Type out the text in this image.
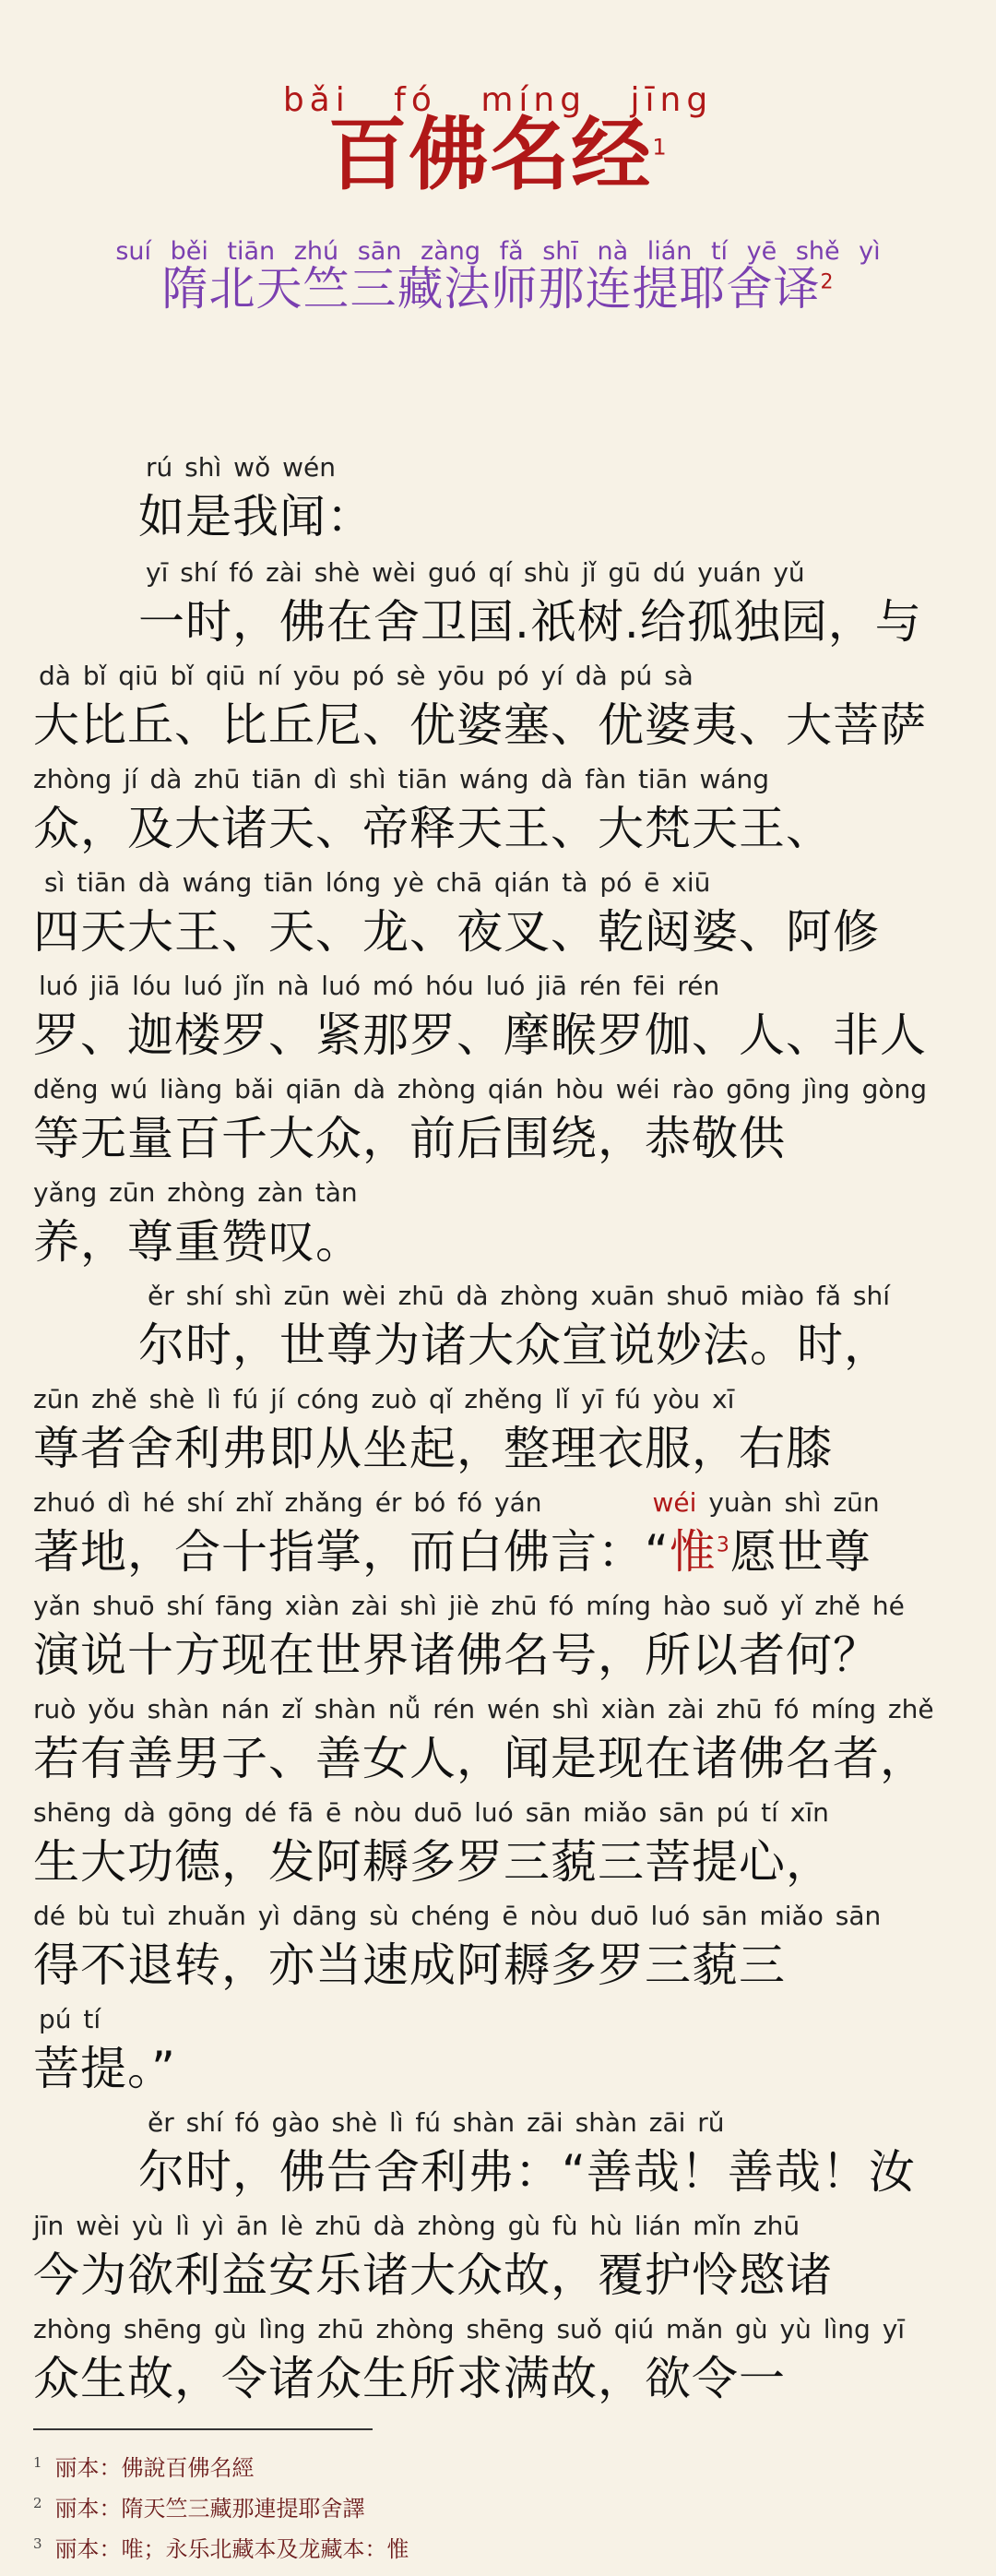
bǎi fó míng jīng
百佛名经$^1$
suí běi tiān zhú sān zàng fǎ shī nà lián tí yē shě yì
隋北天竺三藏法师那连提耶舍译$^2$
rú shì wǒ wén
如是我闻：
yī shí fó zài shè wèi guó qí shù jǐ gū dú yuán yǔ
一时，佛在舍卫国.祇树.给孤独园，与
dà bǐ qiū bǐ qiū ní yōu pó sè yōu pó yí dà pú sà
大比丘、比丘尼、优婆塞、优婆夷、大菩萨
zhòng jí dà zhū tiān dì shì tiān wáng dà fàn tiān wáng
众，及大诸天、帝释天王、大梵天王、
sì tiān dà wáng tiān lóng yè chā qián tà pó ē xiū
四天大王、天、龙、夜叉、乾闼婆、阿修
luó jiā lóu luó jǐn nà luó mó hóu luó jiā rén fēi rén
罗、迦楼罗、紧那罗、摩睺罗伽、人、非人
děng wú liàng bǎi qiān dà zhòng qián hòu wéi rào gōng jìng gòng
等无量百千大众，前后围绕，恭敬供
yǎng zūn zhòng zàn tàn
养，尊重赞叹。
ěr shí shì zūn wèi zhū dà zhòng xuān shuō miào fǎ shí
尔时，世尊为诸大众宣说妙法。时，
zūn zhě shè lì fú jí cóng zuò qǐ zhěng lǐ yī fú yòu xī
尊者舍利弗即从坐起，整理衣服，右膝
zhuó dì hé shí zhǐ zhǎng ér bó fó yán	wéi yuàn shì zūn
著地，合十指掌，而白佛言：“惟$^3$愿世尊
yǎn shuō shí fāng xiàn zài shì jiè zhū fó míng hào suǒ yǐ zhě hé
演说十方现在世界诸佛名号，所以者何？
ruò yǒu shàn nán zǐ shàn nǚ rén wén shì xiàn zài zhū fó míng zhě
若有善男子、善女人，闻是现在诸佛名者，
shēng dà gōng dé fā ē nòu duō luó sān miǎo sān pú tí xīn
生大功德，发阿耨多罗三藐三菩提心，
dé bù tuì zhuǎn yì dāng sù chéng ē nòu duō luó sān miǎo sān
得不退转，亦当速成阿耨多罗三藐三
pú tí
菩提。”
ěr shí fó gào shè lì fú shàn zāi shàn zāi rǔ
尔时，佛告舍利弗：“善哉！善哉！汝
jīn wèi yù lì yì ān lè zhū dà zhòng gù fù hù lián mǐn zhū
今为欲利益安乐诸大众故，覆护怜愍诸
zhòng shēng gù lìng zhū zhòng shēng suǒ qiú mǎn gù yù lìng yī
众生故，令诸众生所求满故，欲令一
$^1$ 丽本：佛說百佛名經
$^2$ 丽本：隋天竺三藏那連提耶舍譯
$^3$ 丽本：唯；永乐北藏本及龙藏本：惟
